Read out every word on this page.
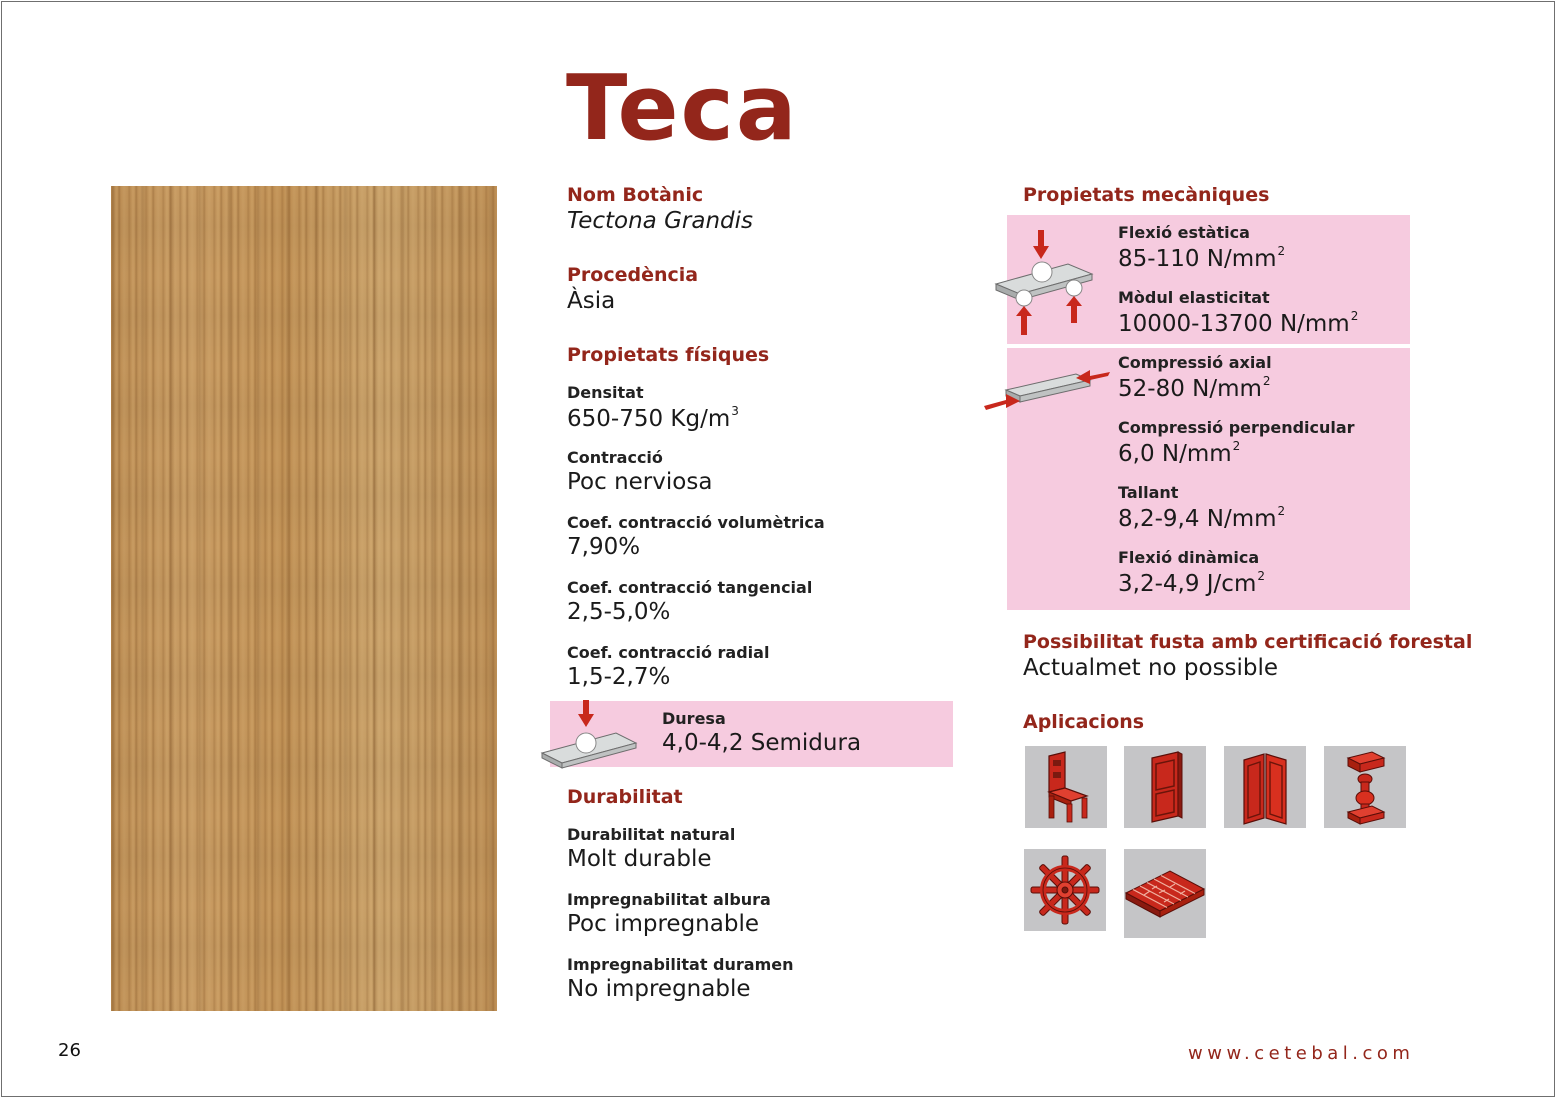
Teca
Nom Botànic
Tectona Grandis
Procedència
Àsia
Propietats físiques
Densitat
650-750 $Kg/m^3$
Contracció
Poc nerviosa
Coef. contracció volumètrica
7,90%
Coef. contracció tangencial
2,5-5,0%
Coef. contracció radial
1,5-2,7%
Duresa
4,0-4,2 Semidura
Durabilitat
Durabilitat natural
Molt durable
Impregnabilitat albura
Poc impregnable
Impregnabilitat duramen
No impregnable
Propietats mecàniques
Flexió estàtica
85-110 $N/mm^2$
Mòdul elasticitat
10000-13700 $N/mm^2$
Compressió axial
52-80 $N/mm^2$
Compressió perpendicular
6,0 $N/mm^2$
Tallant
8,2-9,4 $N/mm^2$
Flexió dinàmica
3,2-4,9 $J/cm^2$
Possibilitat fusta amb certificació forestal
Actualmet no possible
Aplicacions
26	www.cetebal.com
